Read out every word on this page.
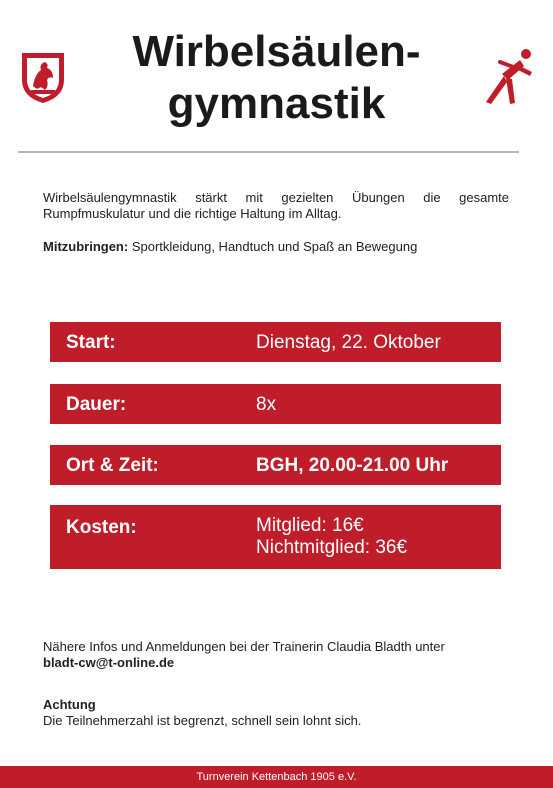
Wirbelsäulen-
gymnastik

Wirbelsäulengymnastik stärkt mit gezielten Übungen die gesamte Rumpfmuskulatur und die richtige Haltung im Alltag.

Mitzubringen: Sportkleidung, Handtuch und Spaß an Bewegung

Start:	Dienstag, 22. Oktober
Dauer:	8x
Ort & Zeit:	BGH, 20.00-21.00 Uhr
Kosten:	Mitglied: 16€
Nichtmitglied: 36€

Nähere Infos und Anmeldungen bei der Trainerin Claudia Bladth unter
bladt-cw@t-online.de

Achtung
Die Teilnehmerzahl ist begrenzt, schnell sein lohnt sich.

Turnverein Kettenbach 1905 e.V.
